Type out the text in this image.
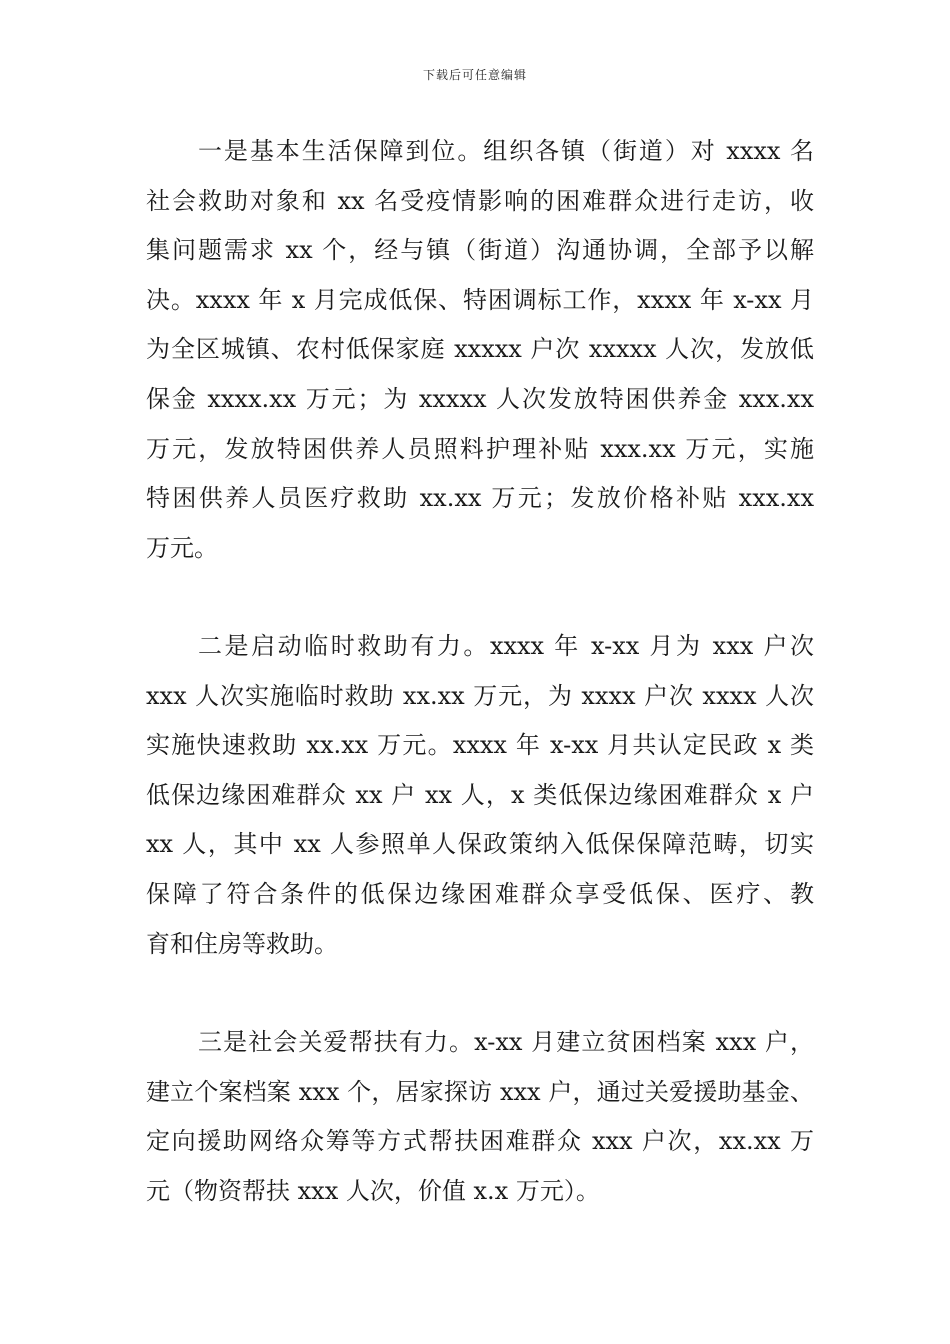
下载后可任意编辑
一是基本生活保障到位。组织各镇（街道）对 xxxx 名
社会救助对象和 xx 名受疫情影响的困难群众进行走访，收
集问题需求 xx 个，经与镇（街道）沟通协调，全部予以解
决。xxxx 年 x 月完成低保、特困调标工作，xxxx 年 x-xx 月
为全区城镇、农村低保家庭 xxxxx 户次 xxxxx 人次，发放低
保金 xxxx.xx 万元；为 xxxxx 人次发放特困供养金 xxx.xx
万元，发放特困供养人员照料护理补贴 xxx.xx 万元，实施
特困供养人员医疗救助 xx.xx 万元；发放价格补贴 xxx.xx
万元。
二是启动临时救助有力。xxxx 年 x-xx 月为 xxx 户次
xxx 人次实施临时救助 xx.xx 万元，为 xxxx 户次 xxxx 人次
实施快速救助 xx.xx 万元。xxxx 年 x-xx 月共认定民政 x 类
低保边缘困难群众 xx 户 xx 人，x 类低保边缘困难群众 x 户
xx 人，其中 xx 人参照单人保政策纳入低保保障范畴，切实
保障了符合条件的低保边缘困难群众享受低保、医疗、教
育和住房等救助。
三是社会关爱帮扶有力。x-xx 月建立贫困档案 xxx 户，
建立个案档案 xxx 个，居家探访 xxx 户，通过关爱援助基金、
定向援助网络众筹等方式帮扶困难群众 xxx 户次，xx.xx 万
元（物资帮扶 xxx 人次，价值 x.x 万元）。
